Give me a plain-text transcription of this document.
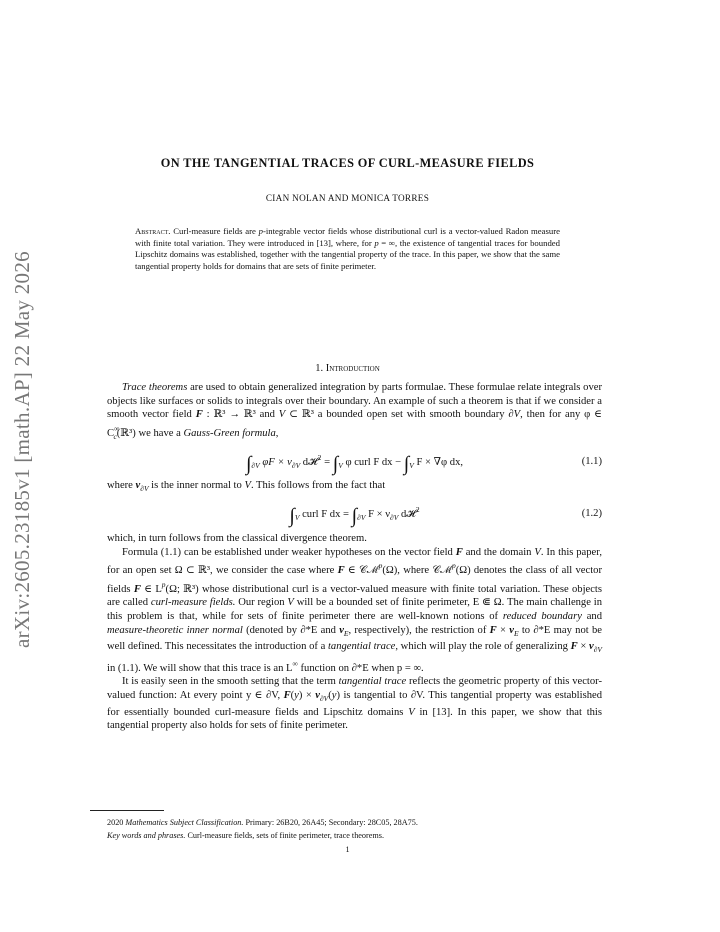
arXiv:2605.23185v1 [math.AP] 22 May 2026
ON THE TANGENTIAL TRACES OF CURL-MEASURE FIELDS
CIAN NOLAN AND MONICA TORRES
Abstract. Curl-measure fields are p-integrable vector fields whose distributional curl is a vector-valued Radon measure with finite total variation. They were introduced in [13], where, for p = ∞, the existence of tangential traces for bounded Lipschitz domains was established, together with the tangential property of the trace. In this paper, we show that the same tangential property holds for domains that are sets of finite perimeter.
1. Introduction

Trace theorems are used to obtain generalized integration by parts formulae. These formulae relate integrals over objects like surfaces or solids to integrals over their boundary. An example of such a theorem is that if we consider a smooth vector field F : ℝ³ → ℝ³ and V ⊂ ℝ³ a bounded open set with smooth boundary ∂V, then for any φ ∈ $C^\infty_c(ℝ^3)$ we have a Gauss-Green formula,

$\int_{\partial V}$ $\varphi F \times \nu_{\partial V}$ d𝓗$^2$ = $\int_V$ φ curl F dx − $\int_V$ F × ∇φ dx,	(1.1)

where $\nu_{\partial V}$ is the inner normal to V. This follows from the fact that

$\int_V$ curl F dx = $\int_{\partial V}$ $F \times \nu_{\partial V}$ d𝓗$^2$	(1.2)

which, in turn follows from the classical divergence theorem.

Formula (1.1) can be established under weaker hypotheses on the vector field F and the domain V. In this paper, for an open set Ω ⊂ ℝ³, we consider the case where F ∈ 𝒞ℳ$^p$(Ω), where 𝒞ℳ$^p$(Ω) denotes the class of all vector fields F ∈ $L^p(\Omega$; ℝ³) whose distributional curl is a vector-valued measure with finite total variation. These objects are called curl-measure fields. Our region V will be a bounded set of finite perimeter, E ⋐ Ω. The main challenge in this problem is that, while for sets of finite perimeter there are well-known notions of reduced boundary and measure-theoretic inner normal (denoted by ∂*E and $\nu_E$, respectively), the restriction of $F \times \nu_E$ to ∂*E may not be well defined. This necessitates the introduction of a tangential trace, which will play the role of generalizing $F \times \nu_{\partial V}$ in (1.1). We will show that this trace is an L∞ function on ∂*E when p = ∞.

It is easily seen in the smooth setting that the term tangential trace reflects the geometric property of this vector-valued function: At every point y ∈ ∂V, $F(y) \times \nu_{\partial V}(y)$ is tangential to ∂V. This tangential property was established for essentially bounded curl-measure fields and Lipschitz domains V in [13]. In this paper, we show that this tangential property also holds for sets of finite perimeter.

2020 Mathematics Subject Classification. Primary: 26B20, 26A45; Secondary: 28C05, 28A75.
Key words and phrases. Curl-measure fields, sets of finite perimeter, trace theorems.
1
